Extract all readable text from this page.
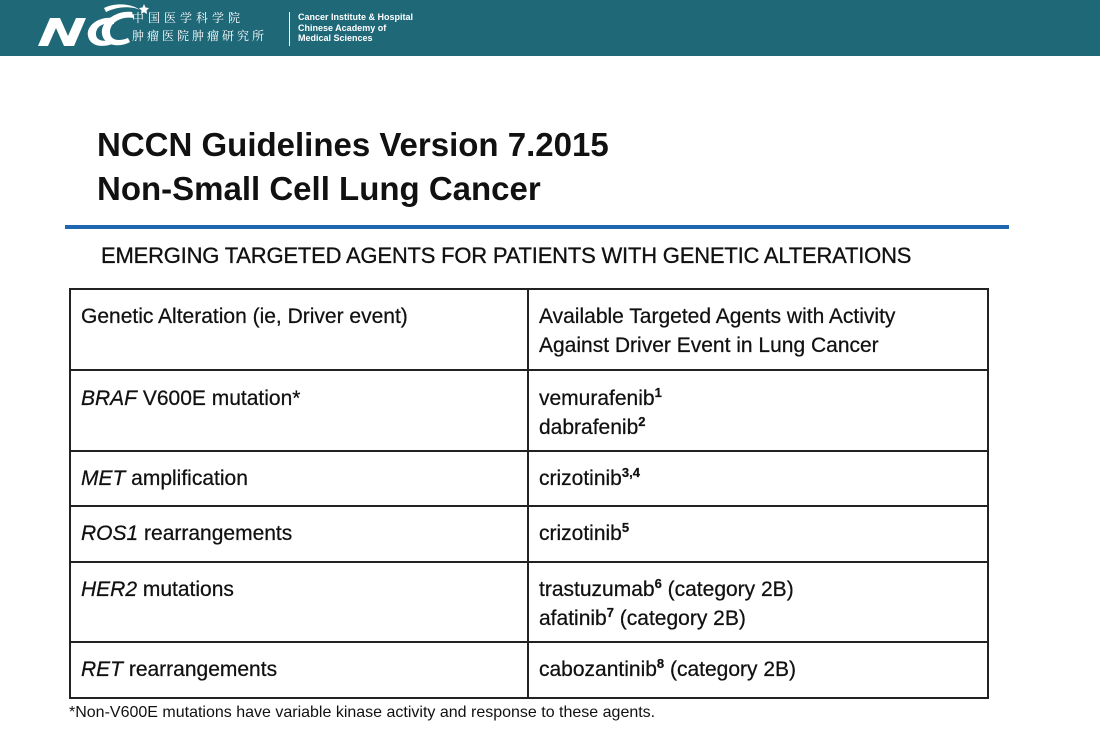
中国医学科学院
肿瘤医院肿瘤研究所
Cancer Institute & Hospital
Chinese Academy of
Medical Sciences
NCCN Guidelines Version 7.2015
Non-Small Cell Lung Cancer
EMERGING TARGETED AGENTS FOR PATIENTS WITH GENETIC ALTERATIONS
Genetic Alteration (ie, Driver event)	Available Targeted Agents with Activity
Against Driver Event in Lung Cancer

BRAF V600E mutation*	vemurafenib$^1$
dabrafenib$^2$

MET amplification	crizotinib$^{3,4}$

ROS1 rearrangements	crizotinib$^5$

HER2 mutations	trastuzumab$^6$ (category 2B)
afatinib$^7$ (category 2B)

RET rearrangements	cabozantinib$^8$ (category 2B)
*Non-V600E mutations have variable kinase activity and response to these agents.
